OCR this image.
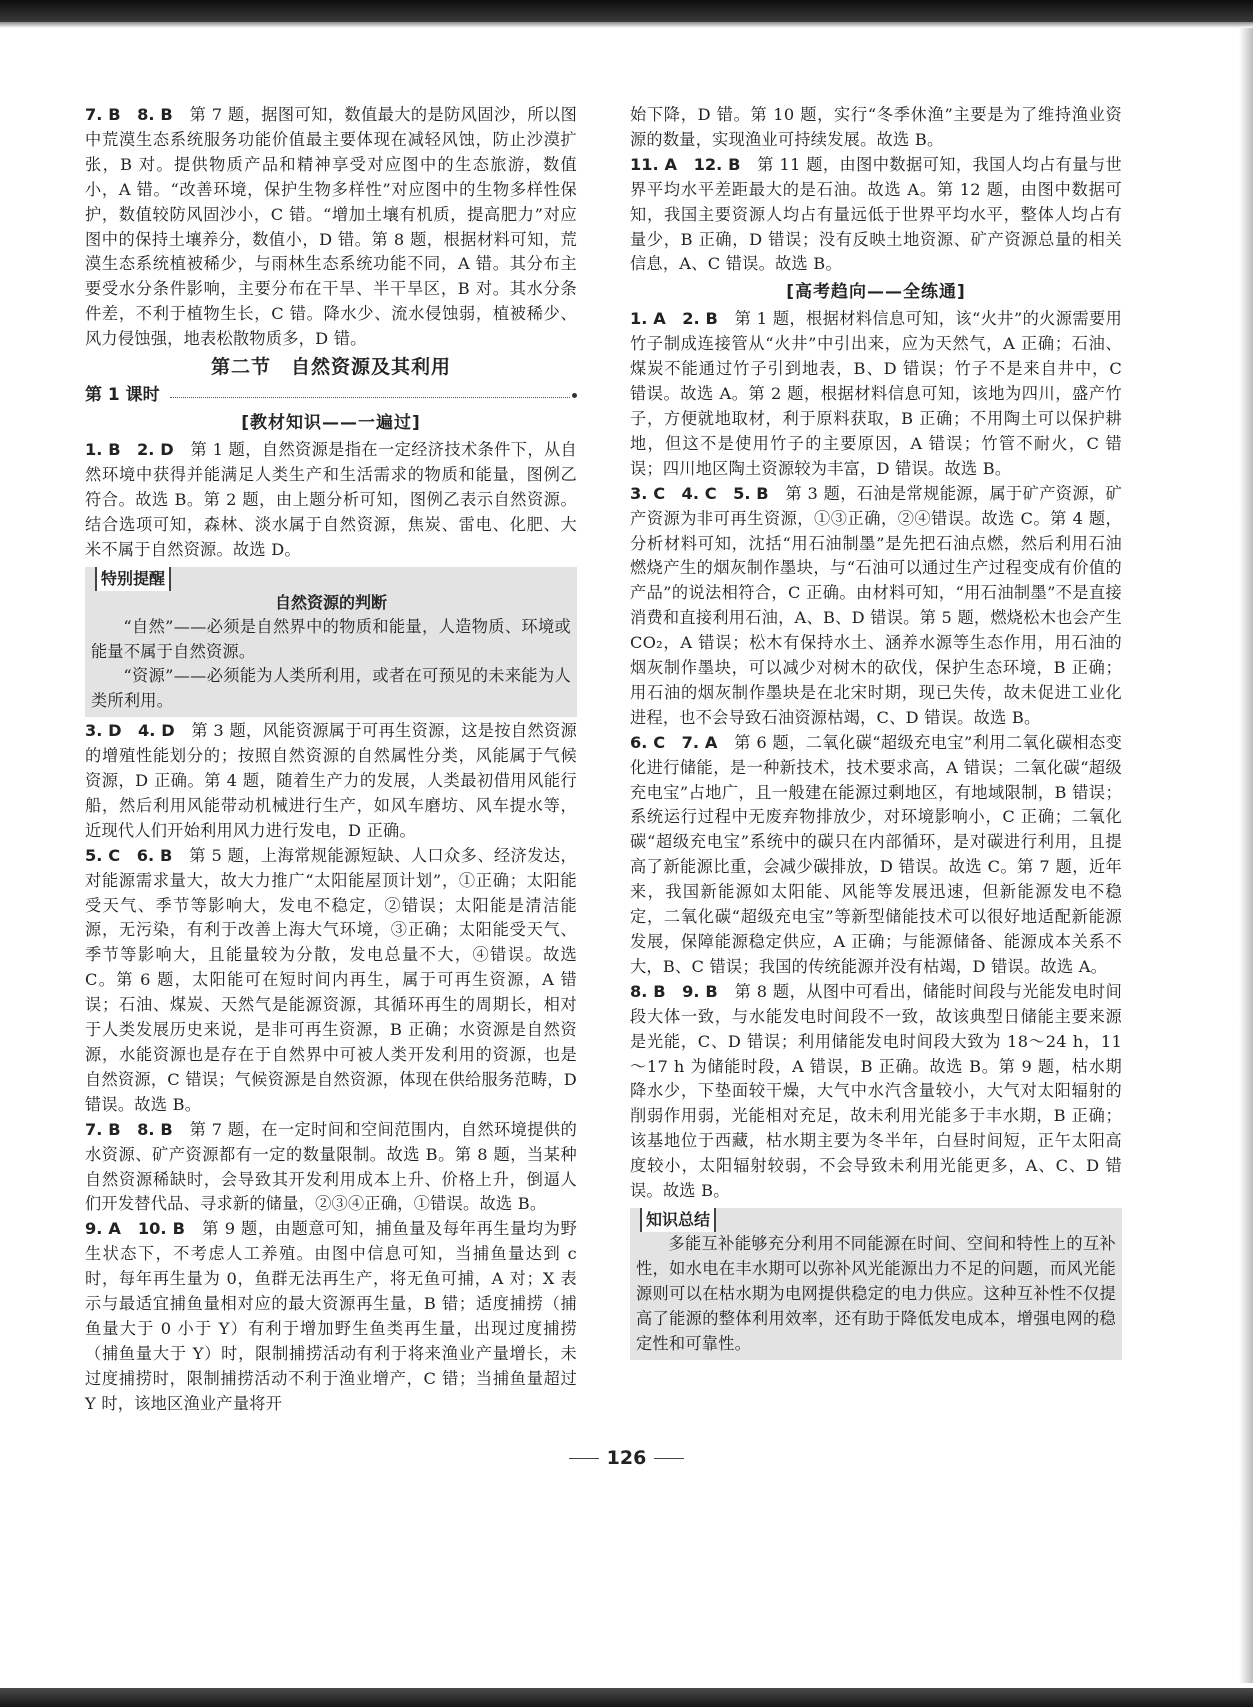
7. B　8. B　 第 7 题，据图可知，数值最大的是防风固沙，所以图中荒漠生态系统服务功能价值最主要体现在减轻风蚀，防止沙漠扩张，B 对。提供物质产品和精神享受对应图中的生态旅游，数值小，A 错。“改善环境，保护生物多样性”对应图中的生物多样性保护，数值较防风固沙小，C 错。“增加土壤有机质，提高肥力”对应图中的保持土壤养分，数值小，D 错。第 8 题，根据材料可知，荒漠生态系统植被稀少，与雨林生态系统功能不同，A 错。其分布主要受水分条件影响，主要分布在干旱、半干旱区，B 对。其水分条件差，不利于植物生长，C 错。降水少、流水侵蚀弱，植被稀少、风力侵蚀强，地表松散物质多，D 错。

第二节　自然资源及其利用

第 1 课时
[教材知识——一遍过]

1. B　2. D　 第 1 题，自然资源是指在一定经济技术条件下，从自然环境中获得并能满足人类生产和生活需求的物质和能量，图例乙符合。故选 B。第 2 题，由上题分析可知，图例乙表示自然资源。结合选项可知，森林、淡水属于自然资源，焦炭、雷电、化肥、大米不属于自然资源。故选 D。

特别提醒

自然资源的判断

“自然”——必须是自然界中的物质和能量，人造物质、环境或能量不属于自然资源。

“资源”——必须能为人类所利用，或者在可预见的未来能为人类所利用。

3. D　4. D　 第 3 题，风能资源属于可再生资源，这是按自然资源的增殖性能划分的；按照自然资源的自然属性分类，风能属于气候资源，D 正确。第 4 题，随着生产力的发展，人类最初借用风能行船，然后利用风能带动机械进行生产，如风车磨坊、风车提水等，近现代人们开始利用风力进行发电，D 正确。

5. C　6. B　 第 5 题，上海常规能源短缺、人口众多、经济发达，对能源需求量大，故大力推广“太阳能屋顶计划”，①正确；太阳能受天气、季节等影响大，发电不稳定，②错误；太阳能是清洁能源，无污染，有利于改善上海大气环境，③正确；太阳能受天气、季节等影响大，且能量较为分散，发电总量不大，④错误。故选 C。第 6 题，太阳能可在短时间内再生，属于可再生资源，A 错误；石油、煤炭、天然气是能源资源，其循环再生的周期长，相对于人类发展历史来说，是非可再生资源，B 正确；水资源是自然资源，水能资源也是存在于自然界中可被人类开发利用的资源，也是自然资源，C 错误；气候资源是自然资源，体现在供给服务范畴，D 错误。故选 B。

7. B　8. B　 第 7 题，在一定时间和空间范围内，自然环境提供的水资源、矿产资源都有一定的数量限制。故选 B。第 8 题，当某种自然资源稀缺时，会导致其开发利用成本上升、价格上升，倒逼人们开发替代品、寻求新的储量，②③④正确，①错误。故选 B。

9. A　10. B　 第 9 题，由题意可知，捕鱼量及每年再生量均为野生状态下，不考虑人工养殖。由图中信息可知，当捕鱼量达到 c 时，每年再生量为 0，鱼群无法再生产，将无鱼可捕，A 对；X 表示与最适宜捕鱼量相对应的最大资源再生量，B 错；适度捕捞（捕鱼量大于 0 小于 Y）有利于增加野生鱼类再生量，出现过度捕捞（捕鱼量大于 Y）时，限制捕捞活动有利于将来渔业产量增长，未过度捕捞时，限制捕捞活动不利于渔业增产，C 错；当捕鱼量超过 Y 时，该地区渔业产量将开

始下降，D 错。第 10 题，实行“冬季休渔”主要是为了维持渔业资源的数量，实现渔业可持续发展。故选 B。

11. A　12. B　 第 11 题，由图中数据可知，我国人均占有量与世界平均水平差距最大的是石油。故选 A。第 12 题，由图中数据可知，我国主要资源人均占有量远低于世界平均水平，整体人均占有量少，B 正确，D 错误；没有反映土地资源、矿产资源总量的相关信息，A、C 错误。故选 B。

[高考趋向——全练通]

1. A　2. B　 第 1 题，根据材料信息可知，该“火井”的火源需要用竹子制成连接管从“火井”中引出来，应为天然气，A 正确；石油、煤炭不能通过竹子引到地表，B、D 错误；竹子不是来自井中，C 错误。故选 A。第 2 题，根据材料信息可知，该地为四川，盛产竹子，方便就地取材，利于原料获取，B 正确；不用陶土可以保护耕地，但这不是使用竹子的主要原因，A 错误；竹管不耐火，C 错误；四川地区陶土资源较为丰富，D 错误。故选 B。

3. C　4. C　5. B　 第 3 题，石油是常规能源，属于矿产资源，矿产资源为非可再生资源，①③正确，②④错误。故选 C。第 4 题，分析材料可知，沈括“用石油制墨”是先把石油点燃，然后利用石油燃烧产生的烟灰制作墨块，与“石油可以通过生产过程变成有价值的产品”的说法相符合，C 正确。由材料可知，“用石油制墨”不是直接消费和直接利用石油，A、B、D 错误。第 5 题，燃烧松木也会产生 CO₂，A 错误；松木有保持水土、涵养水源等生态作用，用石油的烟灰制作墨块，可以减少对树木的砍伐，保护生态环境，B 正确；用石油的烟灰制作墨块是在北宋时期，现已失传，故未促进工业化进程，也不会导致石油资源枯竭，C、D 错误。故选 B。

6. C　7. A　 第 6 题，二氧化碳“超级充电宝”利用二氧化碳相态变化进行储能，是一种新技术，技术要求高，A 错误；二氧化碳“超级充电宝”占地广，且一般建在能源过剩地区，有地域限制，B 错误；系统运行过程中无废弃物排放少，对环境影响小，C 正确；二氧化碳“超级充电宝”系统中的碳只在内部循环，是对碳进行利用，且提高了新能源比重，会减少碳排放，D 错误。故选 C。第 7 题，近年来，我国新能源如太阳能、风能等发展迅速，但新能源发电不稳定，二氧化碳“超级充电宝”等新型储能技术可以很好地适配新能源发展，保障能源稳定供应，A 正确；与能源储备、能源成本关系不大，B、C 错误；我国的传统能源并没有枯竭，D 错误。故选 A。

8. B　9. B　 第 8 题，从图中可看出，储能时间段与光能发电时间段大体一致，与水能发电时间段不一致，故该典型日储能主要来源是光能，C、D 错误；利用储能发电时间段大致为 18～24 h，11～17 h 为储能时段，A 错误，B 正确。故选 B。第 9 题，枯水期降水少，下垫面较干燥，大气中水汽含量较小，大气对太阳辐射的削弱作用弱，光能相对充足，故未利用光能多于丰水期，B 正确；该基地位于西藏，枯水期主要为冬半年，白昼时间短，正午太阳高度较小，太阳辐射较弱，不会导致未利用光能更多，A、C、D 错误。故选 B。

知识总结

多能互补能够充分利用不同能源在时间、空间和特性上的互补性，如水电在丰水期可以弥补风光能源出力不足的问题，而风光能源则可以在枯水期为电网提供稳定的电力供应。这种互补性不仅提高了能源的整体利用效率，还有助于降低发电成本，增强电网的稳定性和可靠性。

126
